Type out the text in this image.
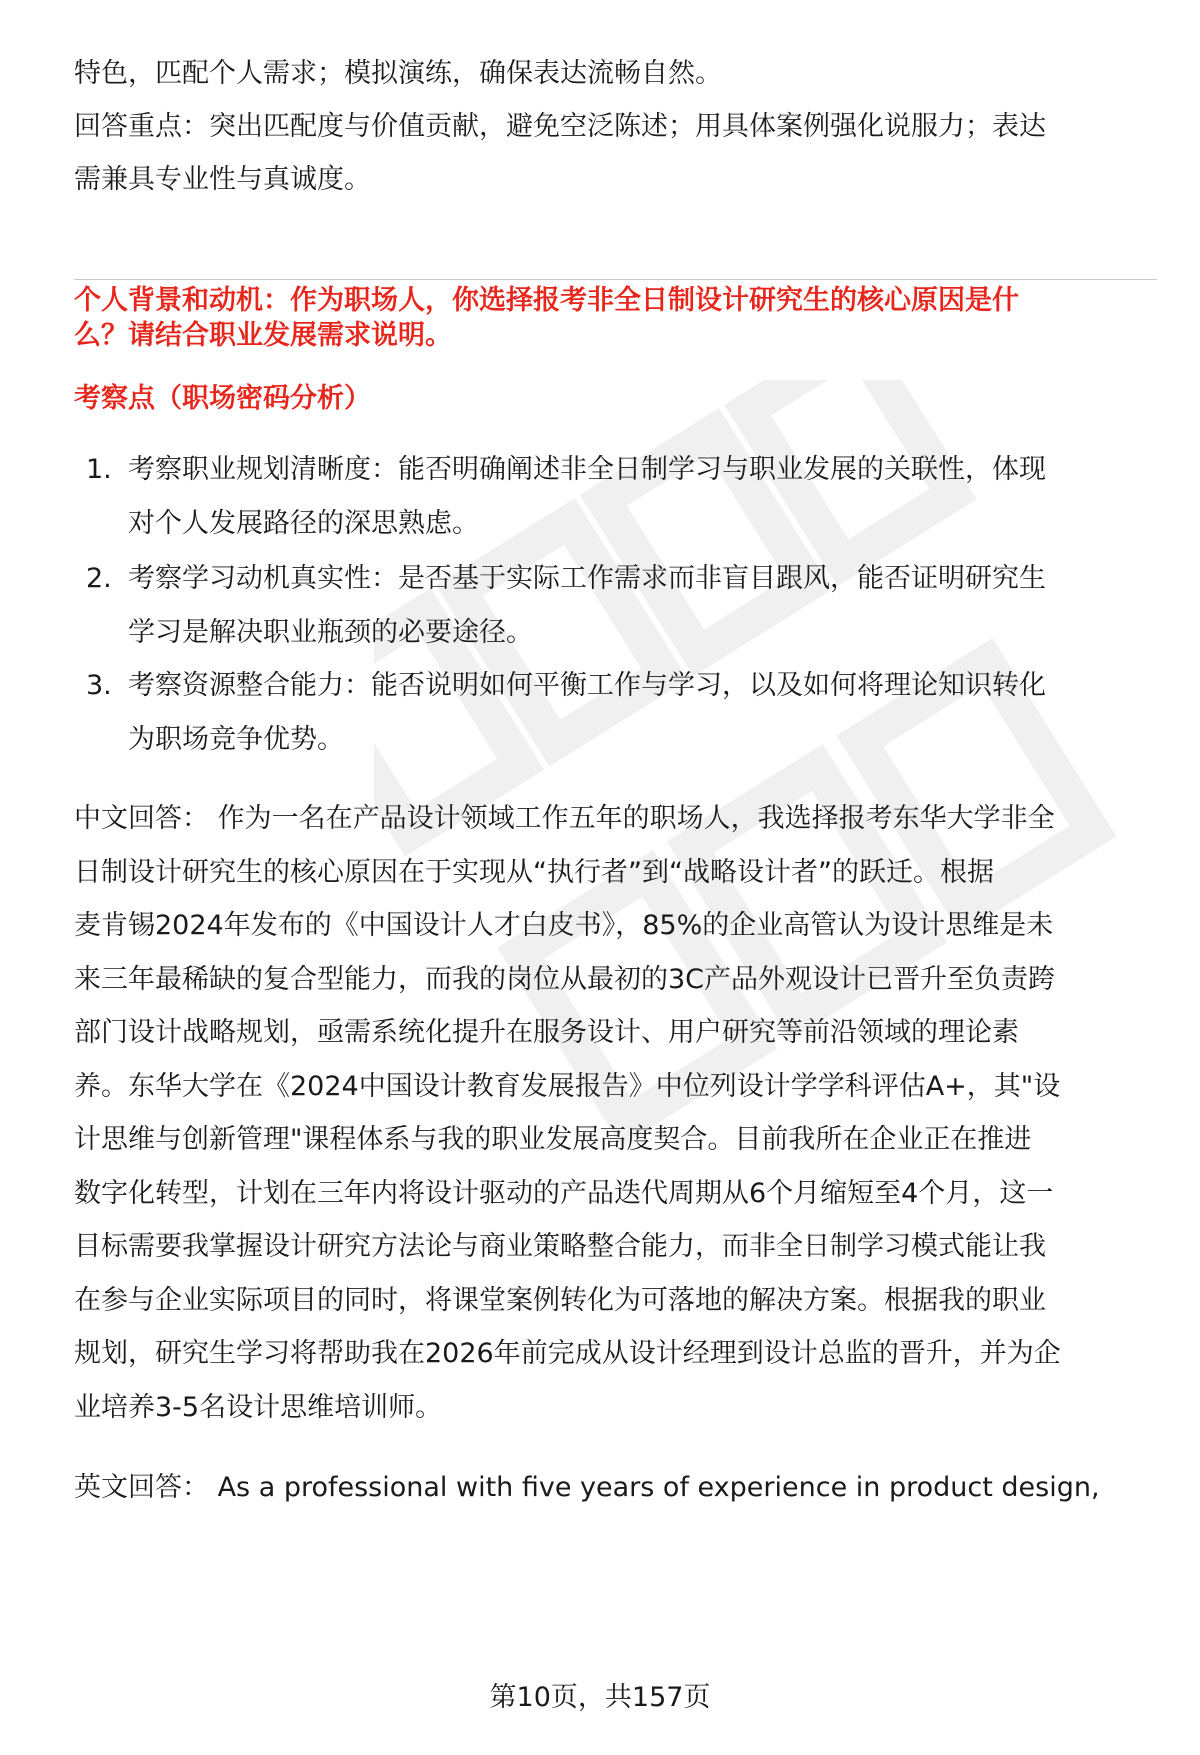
特色，匹配个人需求；模拟演练，确保表达流畅自然。
回答重点：突出匹配度与价值贡献，避免空泛陈述；用具体案例强化说服力；表达
需兼具专业性与真诚度。
个人背景和动机：作为职场人，你选择报考非全日制设计研究生的核心原因是什
么？请结合职业发展需求说明。
考察点（职场密码分析）
1. 考察职业规划清晰度：能否明确阐述非全日制学习与职业发展的关联性，体现
对个人发展路径的深思熟虑。
2. 考察学习动机真实性：是否基于实际工作需求而非盲目跟风，能否证明研究生
学习是解决职业瓶颈的必要途径。
3. 考察资源整合能力：能否说明如何平衡工作与学习，以及如何将理论知识转化
为职场竞争优势。
中文回答： 作为一名在产品设计领域工作五年的职场人，我选择报考东华大学非全
日制设计研究生的核心原因在于实现从“执行者”到“战略设计者”的跃迁。根据
麦肯锡2024年发布的《中国设计人才白皮书》，85%的企业高管认为设计思维是未
来三年最稀缺的复合型能力，而我的岗位从最初的3C产品外观设计已晋升至负责跨
部门设计战略规划，亟需系统化提升在服务设计、用户研究等前沿领域的理论素
养。东华大学在《2024中国设计教育发展报告》中位列设计学学科评估A+，其"设
计思维与创新管理"课程体系与我的职业发展高度契合。目前我所在企业正在推进
数字化转型，计划在三年内将设计驱动的产品迭代周期从6个月缩短至4个月，这一
目标需要我掌握设计研究方法论与商业策略整合能力，而非全日制学习模式能让我
在参与企业实际项目的同时，将课堂案例转化为可落地的解决方案。根据我的职业
规划，研究生学习将帮助我在2026年前完成从设计经理到设计总监的晋升，并为企
业培养3-5名设计思维培训师。
英文回答： As a professional with five years of experience in product design,
第10页，共157页
